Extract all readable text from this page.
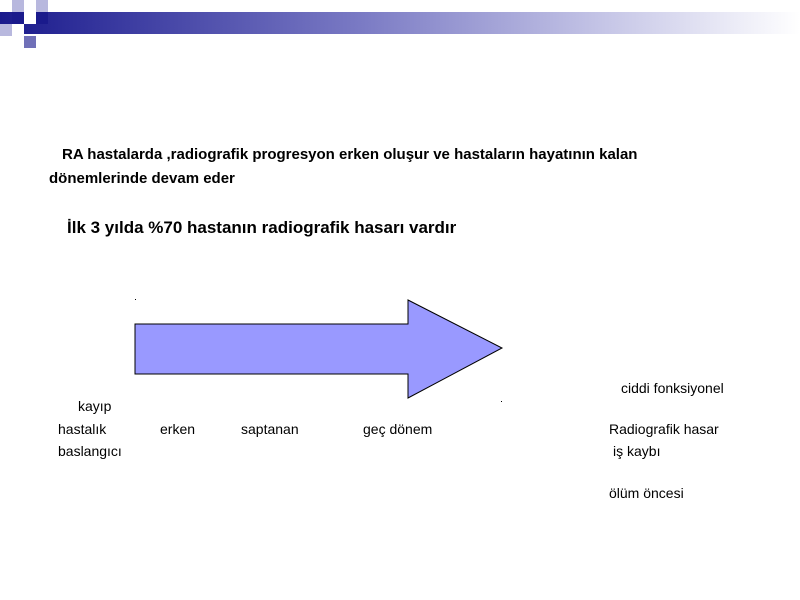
RA hastalarda ,radiografik progresyon erken oluşur ve hastaların hayatının kalan
dönemlerinde devam eder
İlk 3 yılda %70 hastanın radiografik hasarı vardır
kayıp
hastalık
baslangıcı
erken	saptanan	geç dönem
ciddi fonksiyonel
Radiografik hasar
iş kaybı
ölüm öncesi
